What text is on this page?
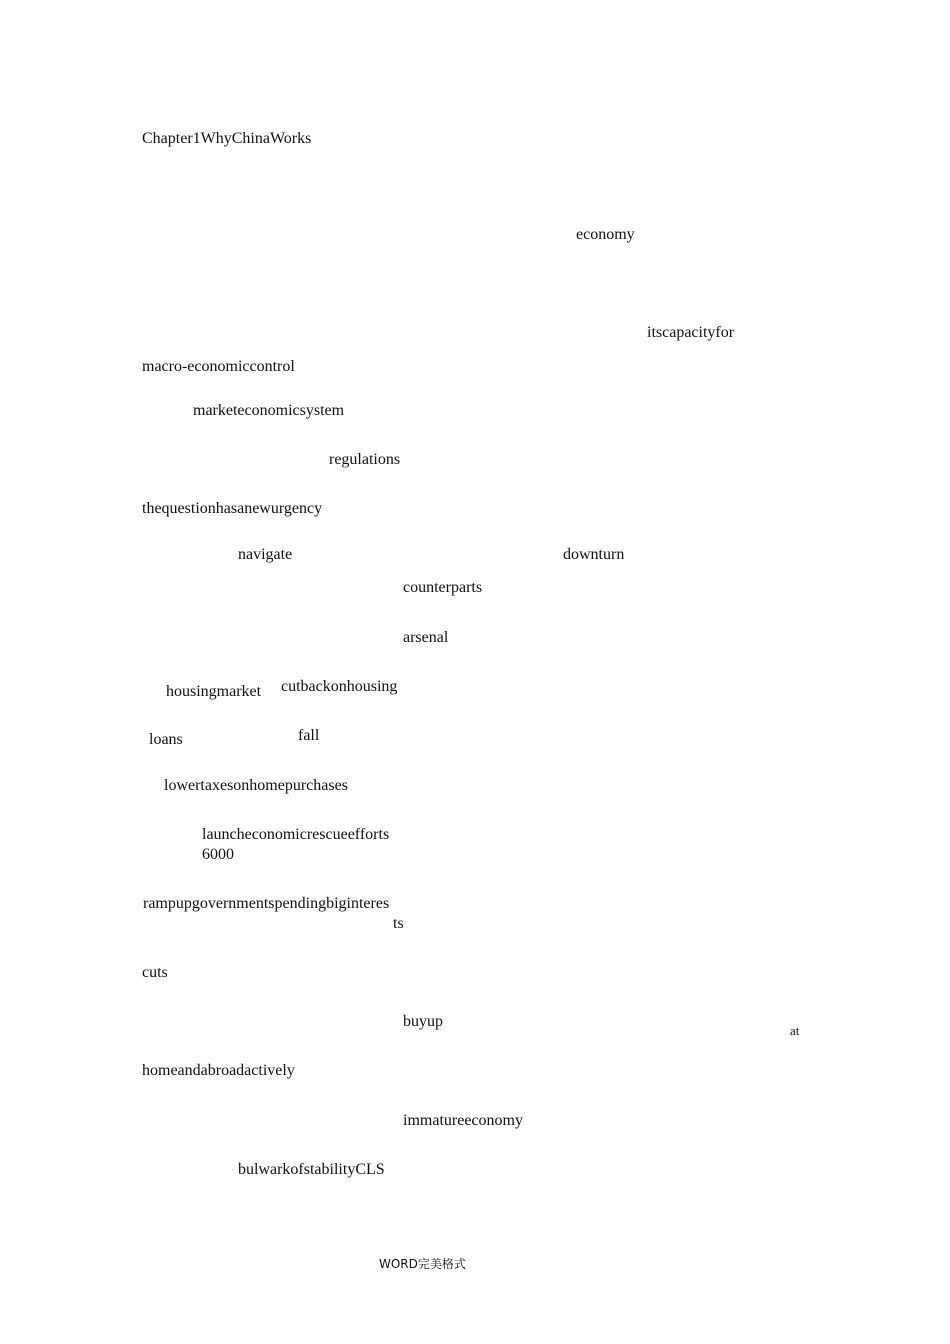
Chapter1WhyChinaWorks
economy
itscapacityfor
macro-economiccontrol
marketeconomicsystem
regulations
thequestionhasanewurgency
navigate	downturn
counterparts
arsenal
housingmarket cutbackonhousing
loans	fall
lowertaxesonhomepurchases
launcheconomicrescueefforts
6000
rampupgovernmentspendingbiginteres
ts
cuts
buyup
at
homeandabroadactively
immatureeconomy
bulwarkofstabilityCLS
WORD完美格式
